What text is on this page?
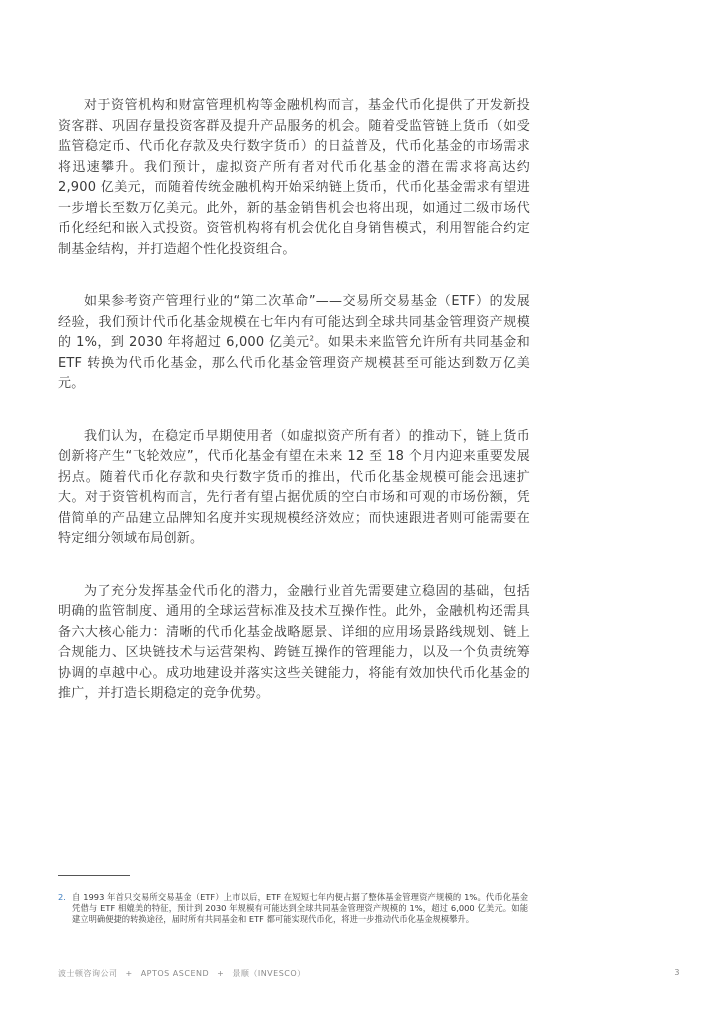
对于资管机构和财富管理机构等金融机构而言，基金代币化提供了开发新投资客群、巩固存量投资客群及提升产品服务的机会。随着受监管链上货币（如受监管稳定币、代币化存款及央行数字货币）的日益普及，代币化基金的市场需求将迅速攀升。我们预计，虚拟资产所有者对代币化基金的潜在需求将高达约 2,900 亿美元，而随着传统金融机构开始采纳链上货币，代币化基金需求有望进一步增长至数万亿美元。此外，新的基金销售机会也将出现，如通过二级市场代币化经纪和嵌入式投资。资管机构将有机会优化自身销售模式，利用智能合约定制基金结构，并打造超个性化投资组合。

如果参考资产管理行业的“第二次革命”——交易所交易基金（ETF）的发展经验，我们预计代币化基金规模在七年内有可能达到全球共同基金管理资产规模的 1%，到 2030 年将超过 6,000 亿美元$^2$。如果未来监管允许所有共同基金和 ETF 转换为代币化基金，那么代币化基金管理资产规模甚至可能达到数万亿美元。

我们认为，在稳定币早期使用者（如虚拟资产所有者）的推动下，链上货币创新将产生“飞轮效应”，代币化基金有望在未来 12 至 18 个月内迎来重要发展拐点。随着代币化存款和央行数字货币的推出，代币化基金规模可能会迅速扩大。对于资管机构而言，先行者有望占据优质的空白市场和可观的市场份额，凭借简单的产品建立品牌知名度并实现规模经济效应；而快速跟进者则可能需要在特定细分领域布局创新。

为了充分发挥基金代币化的潜力，金融行业首先需要建立稳固的基础，包括明确的监管制度、通用的全球运营标准及技术互操作性。此外，金融机构还需具备六大核心能力：清晰的代币化基金战略愿景、详细的应用场景路线规划、链上合规能力、区块链技术与运营架构、跨链互操作的管理能力，以及一个负责统筹协调的卓越中心。成功地建设并落实这些关键能力，将能有效加快代币化基金的推广，并打造长期稳定的竞争优势。

2. 自 1993 年首只交易所交易基金（ETF）上市以后，ETF 在短短七年内便占据了整体基金管理资产规模的 1%。代币化基金凭借与 ETF 相媲美的特征，预计到 2030 年规模有可能达到全球共同基金管理资产规模的 1%，超过 6,000 亿美元。如能建立明确便捷的转换途径，届时所有共同基金和 ETF 都可能实现代币化，将进一步推动代币化基金规模攀升。
波士顿咨询公司 + APTOS ASCEND + 景顺（INVESCO）	3
